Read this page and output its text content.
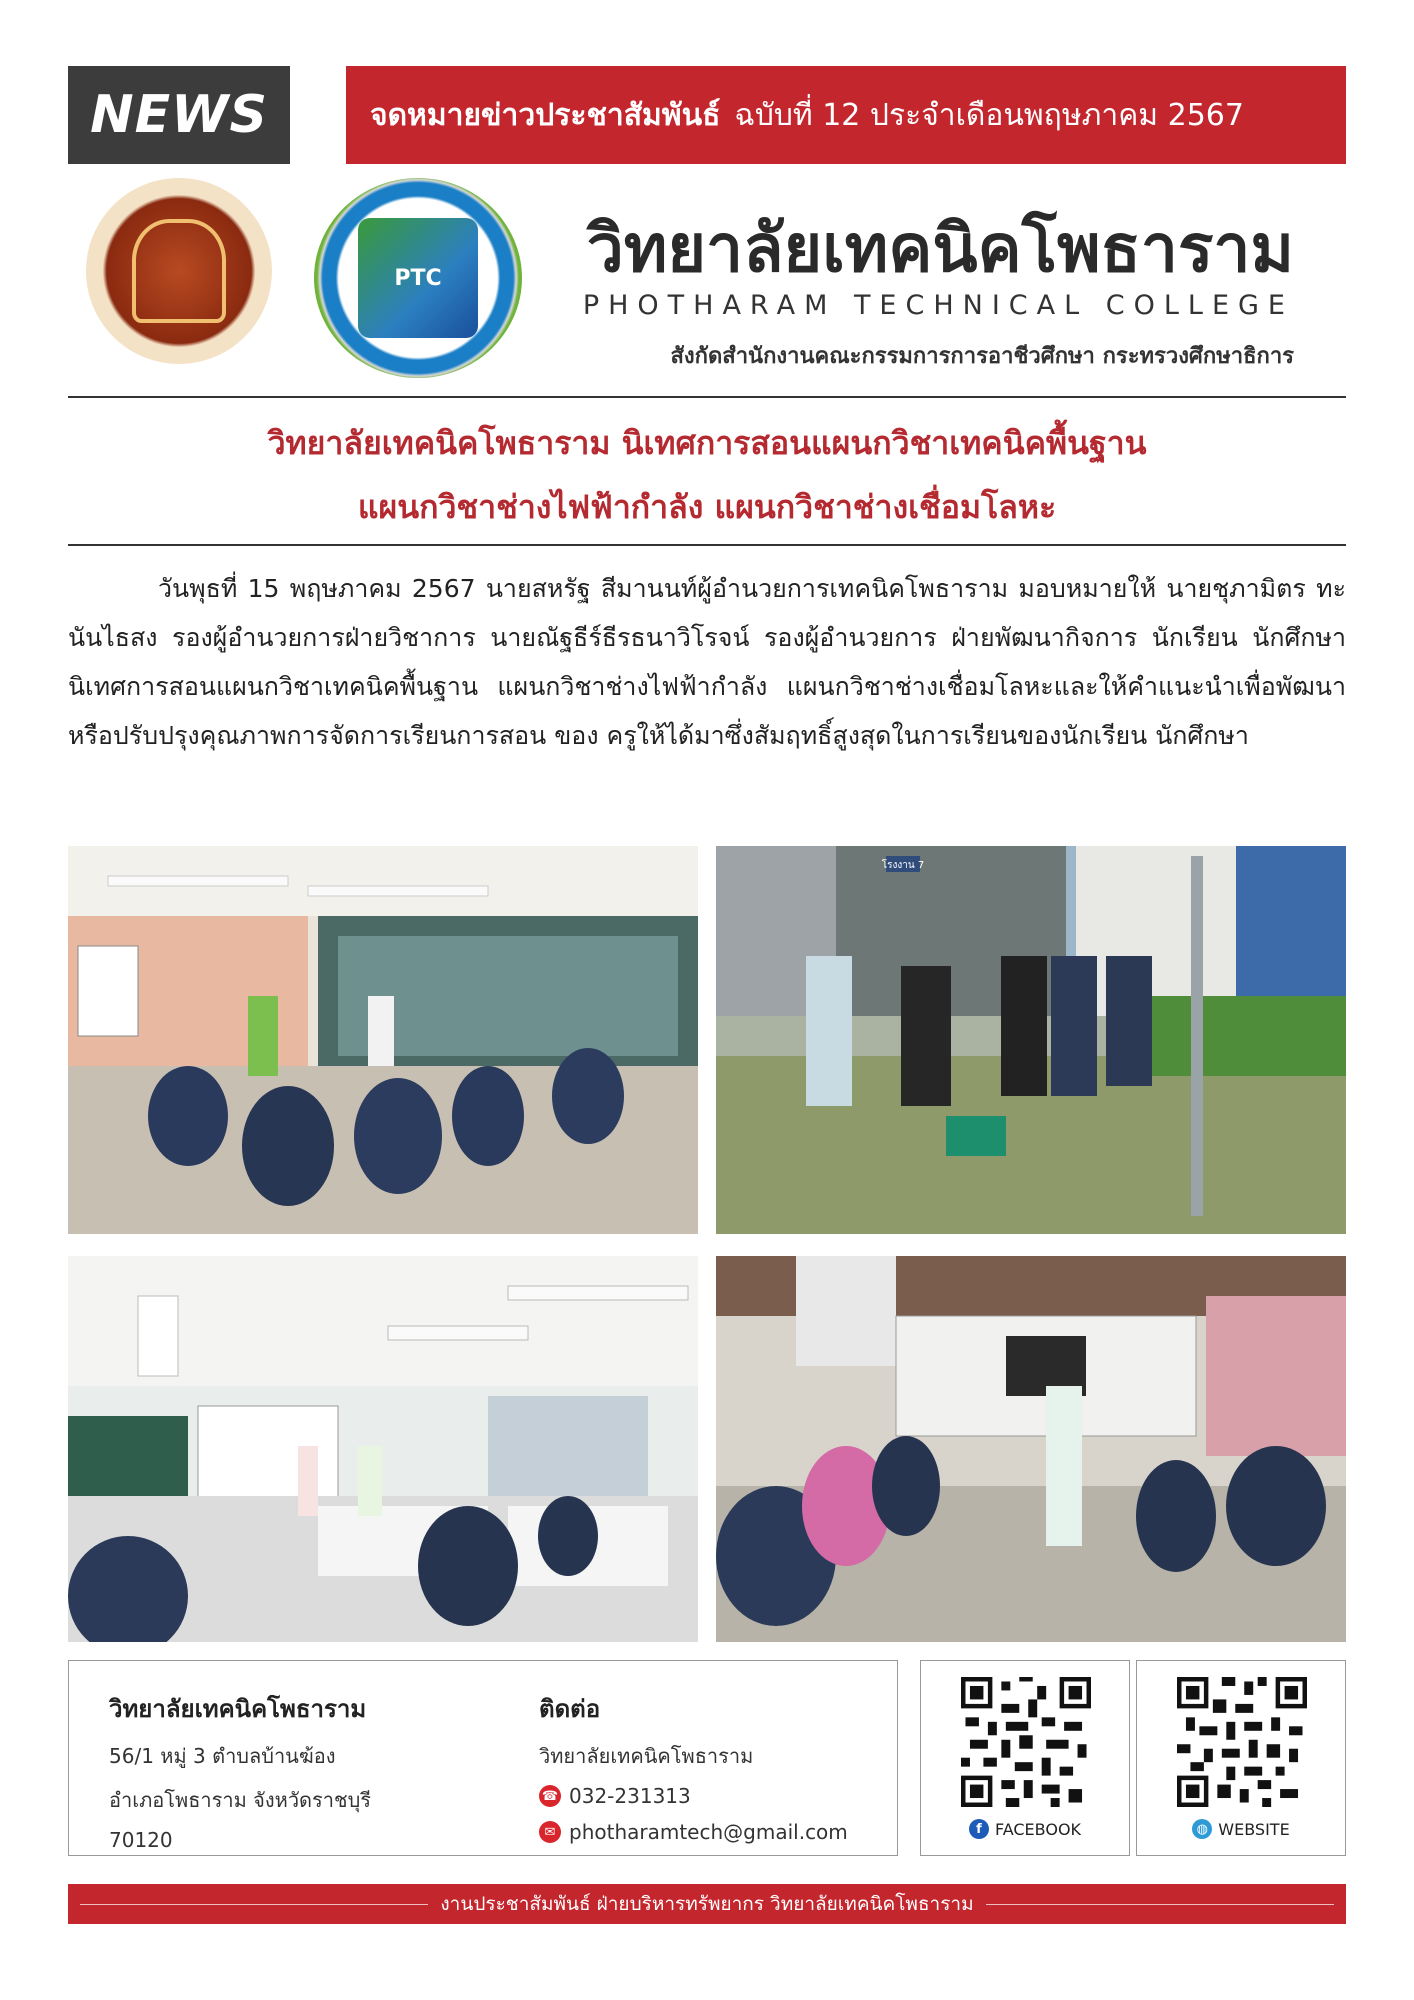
NEWS	จดหมายข่าวประชาสัมพันธ์ ฉบับที่ 12 ประจำเดือนพฤษภาคม 2567
PTC	วิทยาลัยเทคนิคโพธาราม
PHOTHARAM TECHNICAL COLLEGE
สังกัดสำนักงานคณะกรรมการการอาชีวศึกษา กระทรวงศึกษาธิการ
วิทยาลัยเทคนิคโพธาราม นิเทศการสอนแผนกวิชาเทคนิคพื้นฐาน
แผนกวิชาช่างไฟฟ้ากำลัง แผนกวิชาช่างเชื่อมโลหะ

วันพุธที่ 15 พฤษภาคม 2567 นายสหรัฐ สีมานนท์ผู้อำนวยการเทคนิคโพธาราม มอบหมายให้ นายชุภามิตร ทะนันไธสง รองผู้อำนวยการฝ่ายวิชาการ นายณัฐธีร์ธีรธนาวิโรจน์ รองผู้อำนวยการ ฝ่ายพัฒนากิจการ นักเรียน นักศึกษา นิเทศการสอนแผนกวิชาเทคนิคพื้นฐาน แผนกวิชาช่างไฟฟ้ากำลัง แผนกวิชาช่างเชื่อมโลหะและให้คำแนะนำเพื่อพัฒนาหรือปรับปรุงคุณภาพการจัดการเรียนการสอน ของ ครูให้ได้มาซึ่งสัมฤทธิ์สูงสุดในการเรียนของนักเรียน นักศึกษา

โรงงาน 7
วิทยาลัยเทคนิคโพธาราม
56/1 หมู่ 3 ตำบลบ้านฆ้อง
อำเภอโพธาราม จังหวัดราชบุรี
70120
ติดต่อ
วิทยาลัยเทคนิคโพธาราม
☎ 032-231313
✉ photharamtech@gmail.com	f FACEBOOK	◍ WEBSITE
งานประชาสัมพันธ์ ฝ่ายบริหารทรัพยากร วิทยาลัยเทคนิคโพธาราม
